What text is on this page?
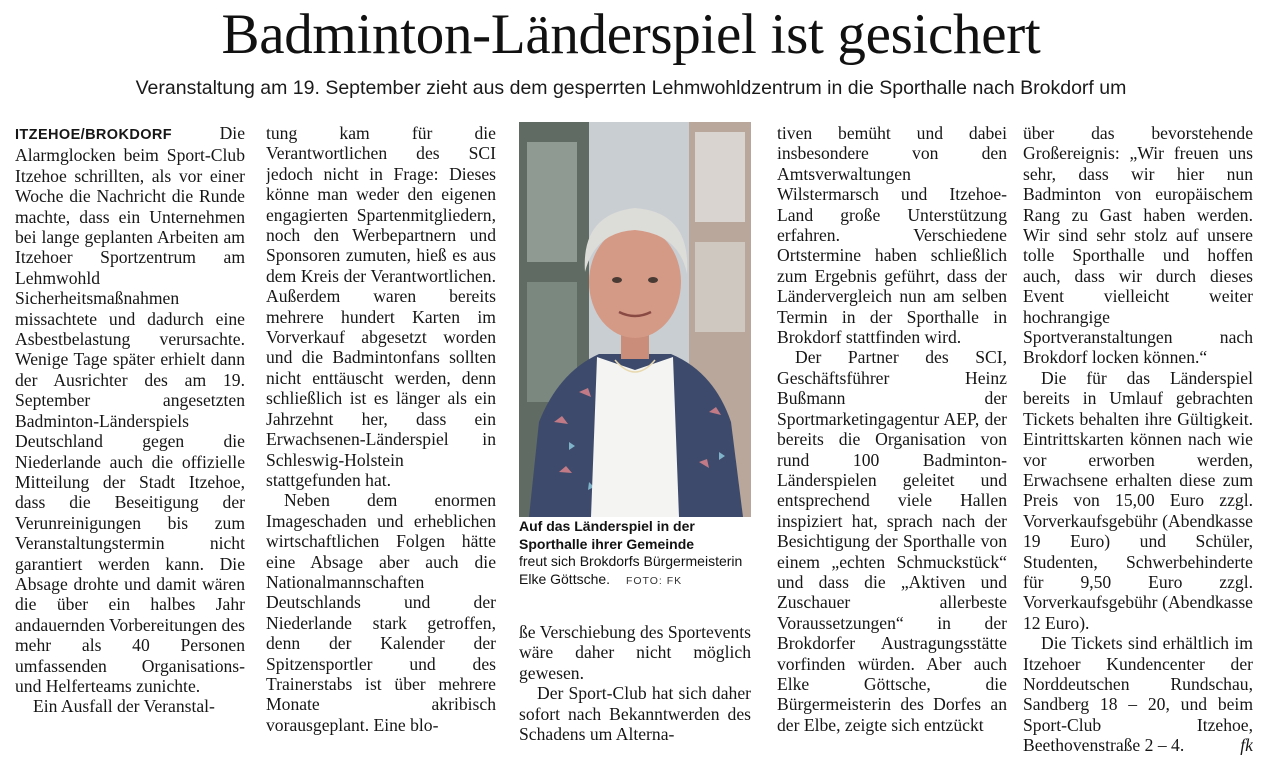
Badminton-Länderspiel ist gesichert

Veranstaltung am 19. September zieht aus dem gesperrten Lehmwohldzentrum in die Sporthalle nach Brokdorf um

ITZEHOE/BROKDORF	Die Alarmglocken beim Sport-Club Itzehoe schrillten, als vor einer Woche die Nachricht die Runde machte, dass ein Unternehmen bei lange geplanten Arbeiten am Itzehoer Sportzentrum am Lehmwohld Sicherheitsmaßnahmen missachtete und dadurch eine Asbestbelastung verursachte. Wenige Tage später erhielt dann der Ausrichter des am 19. September angesetzten Badminton-Länderspiels Deutschland gegen die Niederlande auch die offizielle Mitteilung der Stadt Itzehoe, dass die Beseitigung der Verunreinigungen bis zum Veranstaltungstermin nicht garantiert werden kann. Die Absage drohte und damit wären die über ein halbes Jahr andauernden Vorbereitungen des mehr als 40 Personen umfassenden Organisations- und Helferteams zunichte.

Ein Ausfall der Veranstal-

tung kam für die Verantwortlichen des SCI jedoch nicht in Frage: Dieses könne man weder den eigenen engagierten Spartenmitgliedern, noch den Werbepartnern und Sponsoren zumuten, hieß es aus dem Kreis der Verantwortlichen. Außerdem waren bereits mehrere hundert Karten im Vorverkauf abgesetzt worden und die Badmintonfans sollten nicht enttäuscht werden, denn schließlich ist es länger als ein Jahrzehnt her, dass ein Erwachsenen-Länderspiel in Schleswig-Holstein stattgefunden hat.

Neben dem enormen Imageschaden und erheblichen wirtschaftlichen Folgen hätte eine Absage aber auch die Nationalmannschaften Deutschlands und der Niederlande stark getroffen, denn der Kalender der Spitzensportler und des Trainerstabs ist über mehrere Monate akribisch vorausgeplant. Eine blo-

Auf das Länderspiel in der Sporthalle ihrer Gemeinde
freut sich Brokdorfs Bürgermeisterin Elke Göttsche. FOTO: FK

ße Verschiebung des Sportevents wäre daher nicht möglich gewesen.

Der Sport-Club hat sich daher sofort nach Bekanntwerden des Schadens um Alterna-

tiven bemüht und dabei insbesondere von den Amtsverwaltungen Wilstermarsch und Itzehoe-Land große Unterstützung erfahren. Verschiedene Ortstermine haben schließlich zum Ergebnis geführt, dass der Ländervergleich nun am selben Termin in der Sporthalle in Brokdorf stattfinden wird.

Der Partner des SCI, Geschäftsführer Heinz Bußmann der Sportmarketingagentur AEP, der bereits die Organisation von rund 100 Badminton-Länderspielen geleitet und entsprechend viele Hallen inspiziert hat, sprach nach der Besichtigung der Sporthalle von einem „echten Schmuckstück“ und dass die „Aktiven und Zuschauer allerbeste Voraussetzungen“ in der Brokdorfer Austragungsstätte vorfinden würden. Aber auch Elke Göttsche, die Bürgermeisterin des Dorfes an der Elbe, zeigte sich entzückt

über das bevorstehende Großereignis: „Wir freuen uns sehr, dass wir hier nun Badminton von europäischem Rang zu Gast haben werden. Wir sind sehr stolz auf unsere tolle Sporthalle und hoffen auch, dass wir durch dieses Event vielleicht weiter hochrangige Sportveranstaltungen nach Brokdorf locken können.“

Die für das Länderspiel bereits in Umlauf gebrachten Tickets behalten ihre Gültigkeit. Eintrittskarten können nach wie vor erworben werden, Erwachsene erhalten diese zum Preis von 15,00 Euro zzgl. Vorverkaufsgebühr (Abendkasse 19 Euro) und Schüler, Studenten, Schwerbehinderte für 9,50 Euro zzgl. Vorverkaufsgebühr (Abendkasse 12 Euro).

Die Tickets sind erhältlich im Itzehoer Kundencenter der Norddeutschen Rundschau, Sandberg 18 – 20, und beim Sport-Club Itzehoe, Beethovenstraße 2 – 4.	fk
